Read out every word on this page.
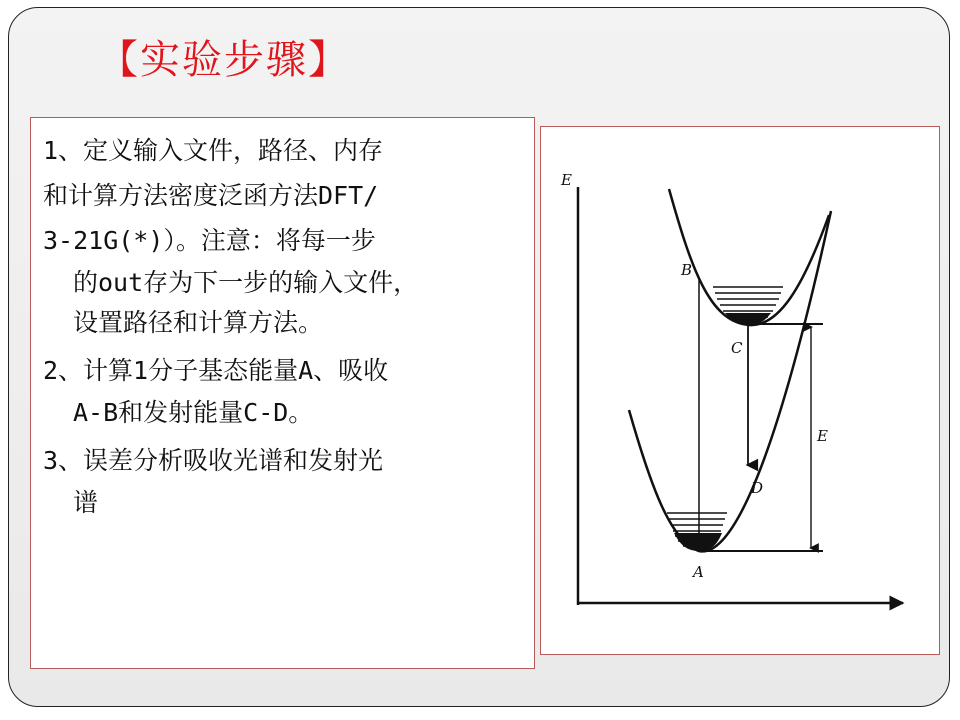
【实验步骤】

1、定义输入文件，路径、内存

和计算方法密度泛函方法DFT/

3-21G(*)）。注意：将每一步

的out存为下一步的输入文件，

设置路径和计算方法。

2、计算1分子基态能量A、吸收

A-B和发射能量C-D。

3、误差分析吸收光谱和发射光

谱

E
B
C
D
A
E
